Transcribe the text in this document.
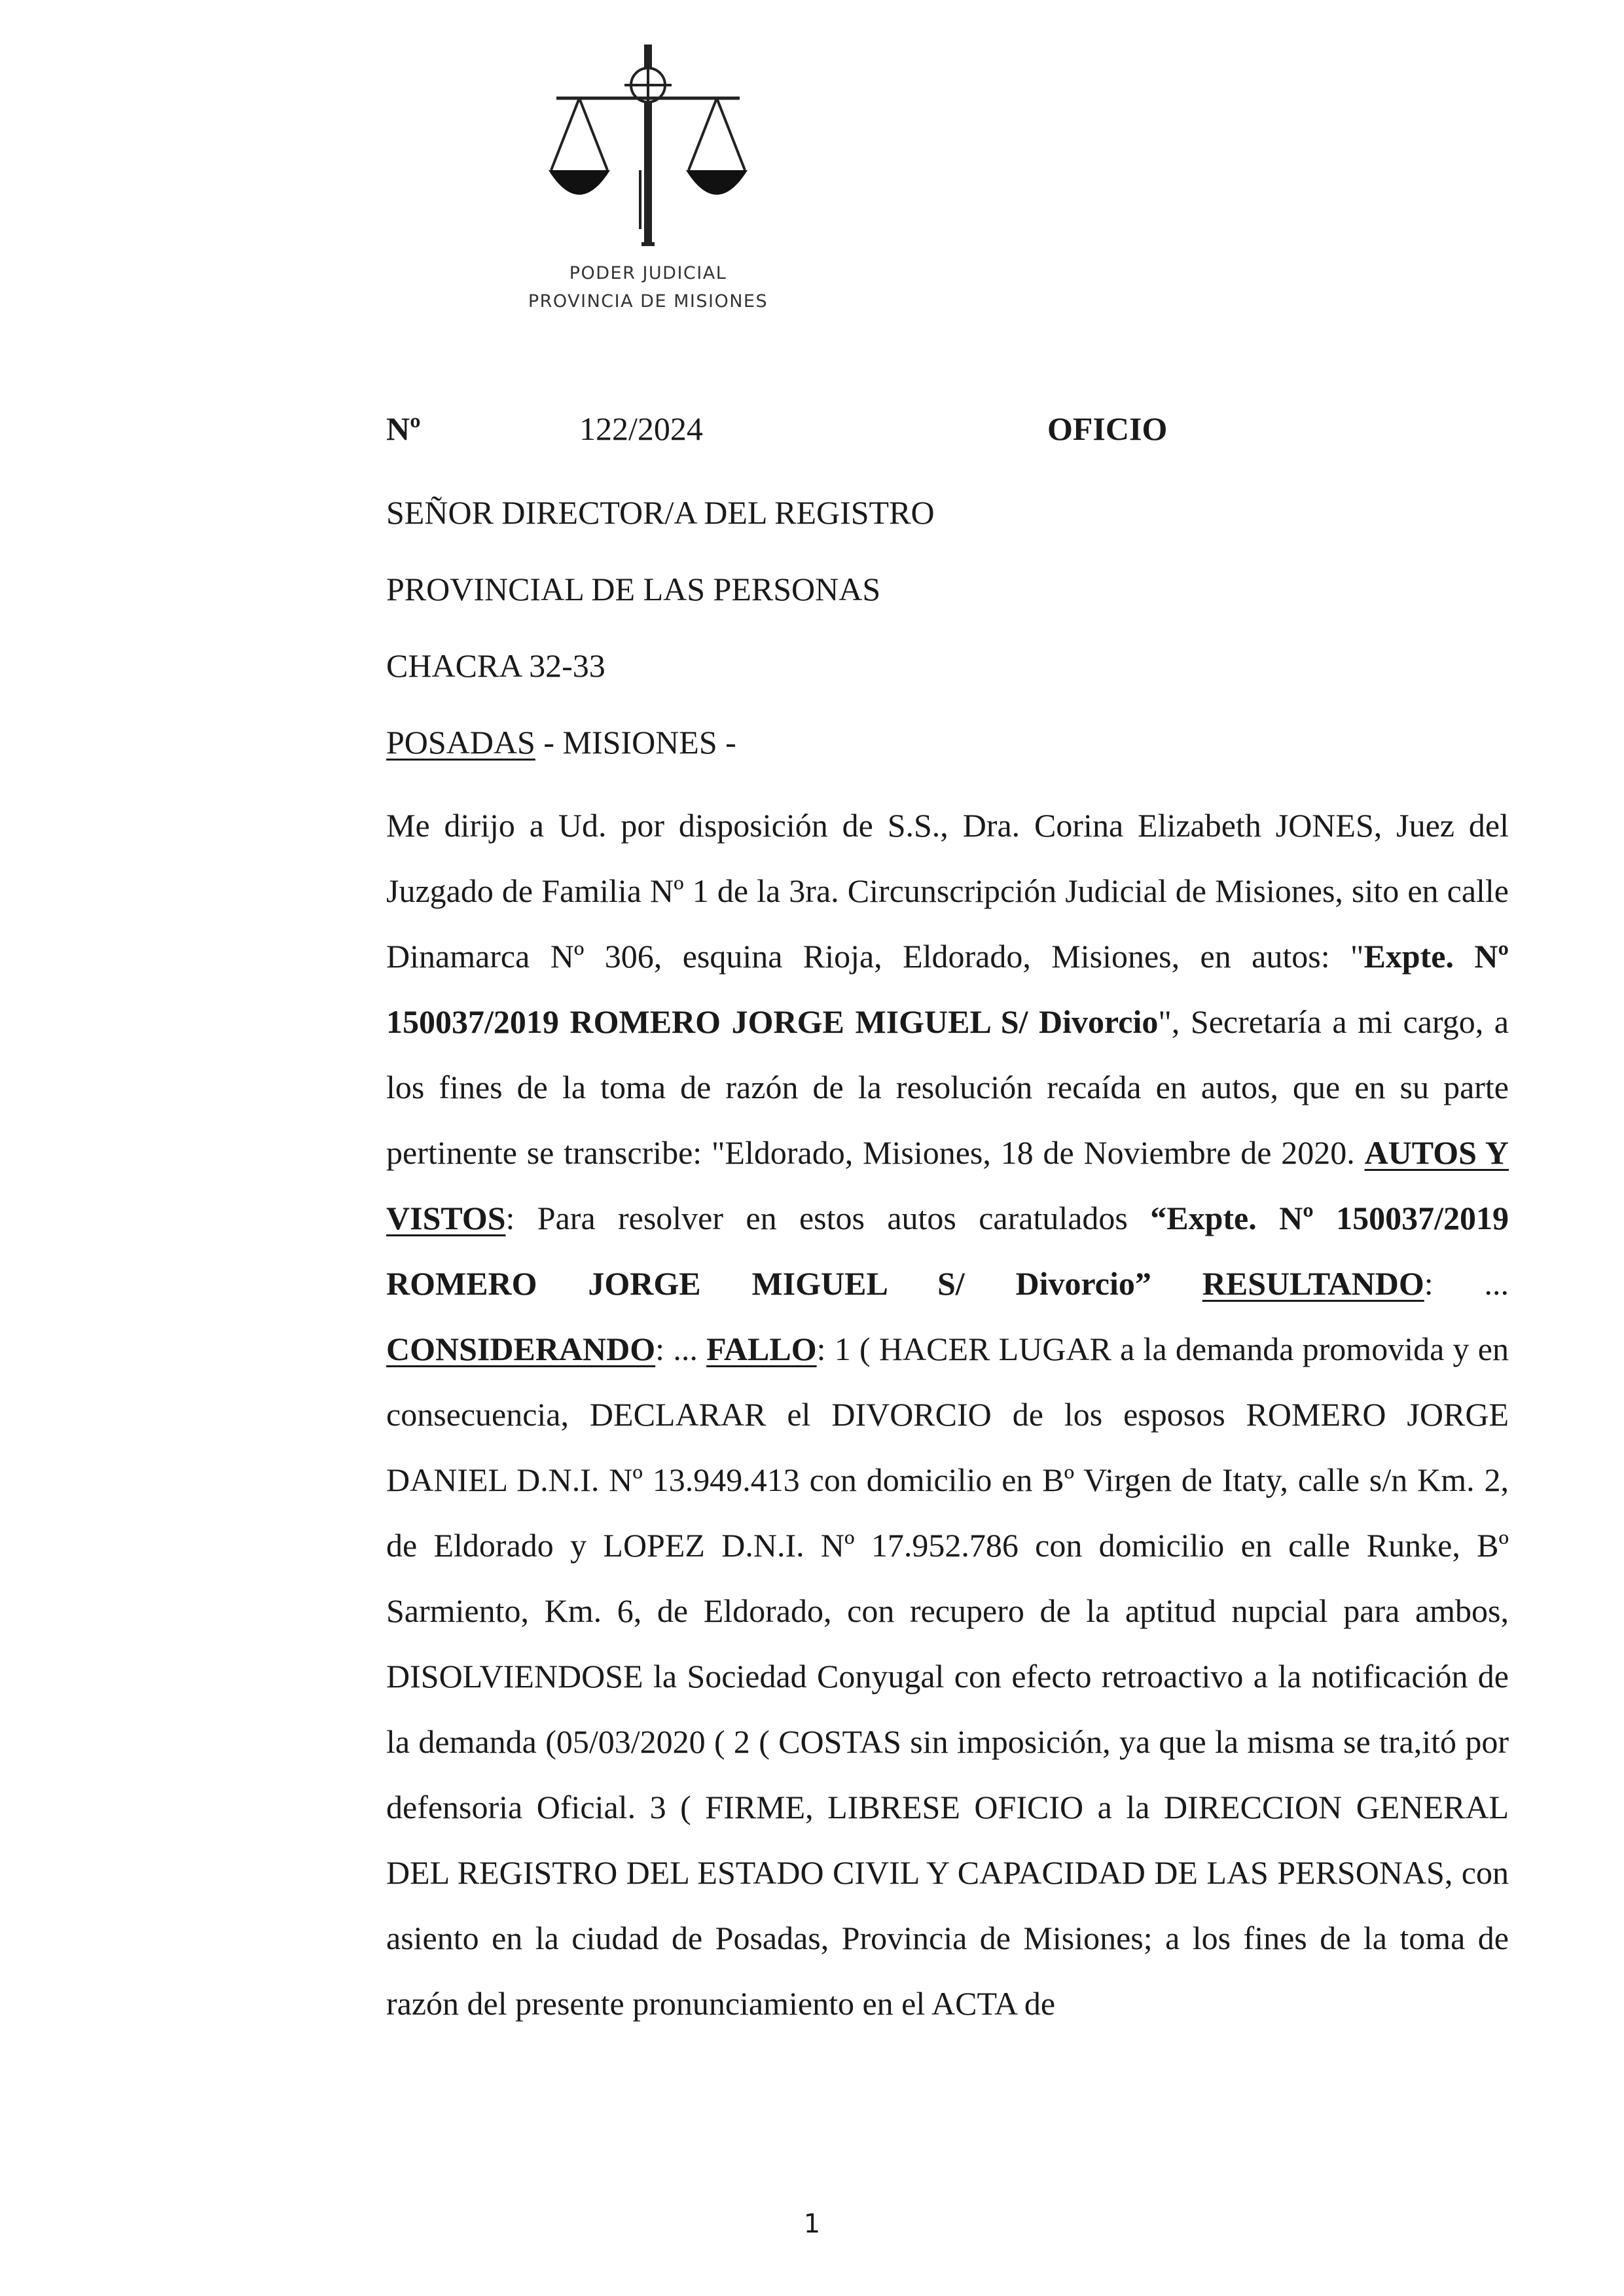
PODER JUDICIAL
PROVINCIA DE MISIONES
Nº	122/2024	OFICIO
SEÑOR DIRECTOR/A DEL REGISTRO
PROVINCIAL DE LAS PERSONAS
CHACRA 32-33
POSADAS - MISIONES -
Me dirijo a Ud. por disposición de S.S., Dra. Corina Elizabeth JONES, Juez del Juzgado de Familia Nº 1 de la 3ra. Circunscripción Judicial de Misiones, sito en calle Dinamarca Nº 306, esquina Rioja, Eldorado, Misiones, en autos: "Expte. Nº 150037/2019 ROMERO JORGE MIGUEL S/ Divorcio", Secretaría a mi cargo, a los fines de la toma de razón de la resolución recaída en autos, que en su parte pertinente se transcribe: "Eldorado, Misiones, 18 de Noviembre de 2020. AUTOS Y VISTOS: Para resolver en estos autos caratulados “Expte. Nº 150037/2019 ROMERO JORGE MIGUEL S/ Divorcio” RESULTANDO: ... CONSIDERANDO: ... FALLO: 1 ( HACER LUGAR a la demanda promovida y en consecuencia, DECLARAR el DIVORCIO de los esposos ROMERO JORGE DANIEL D.N.I. Nº 13.949.413 con domicilio en Bº Virgen de Itaty, calle s/n Km. 2, de Eldorado y LOPEZ D.N.I. Nº 17.952.786 con domicilio en calle Runke, Bº Sarmiento, Km. 6, de Eldorado, con recupero de la aptitud nupcial para ambos, DISOLVIENDOSE la Sociedad Conyugal con efecto retroactivo a la notificación de la demanda (05/03/2020 ( 2 ( COSTAS sin imposición, ya que la misma se tra,itó por defensoria Oficial. 3 ( FIRME, LIBRESE OFICIO a la DIRECCION GENERAL DEL REGISTRO DEL ESTADO CIVIL Y CAPACIDAD DE LAS PERSONAS, con asiento en la ciudad de Posadas, Provincia de Misiones; a los fines de la toma de razón del presente pronunciamiento en el ACTA de
1
